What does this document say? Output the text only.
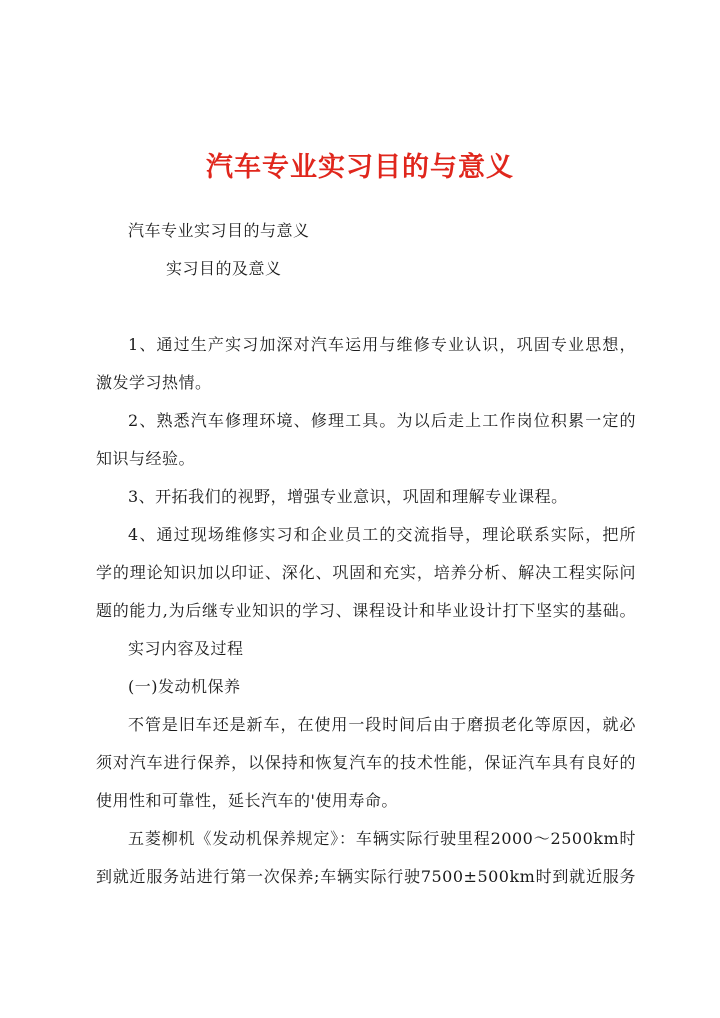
汽车专业实习目的与意义
汽车专业实习目的与意义
实习目的及意义
1、通过生产实习加深对汽车运用与维修专业认识，巩固专业思想，
激发学习热情。
2、熟悉汽车修理环境、修理工具。为以后走上工作岗位积累一定的
知识与经验。
3、开拓我们的视野，增强专业意识，巩固和理解专业课程。
4、通过现场维修实习和企业员工的交流指导，理论联系实际，把所
学的理论知识加以印证、深化、巩固和充实，培养分析、解决工程实际问
题的能力,为后继专业知识的学习、课程设计和毕业设计打下坚实的基础。
实习内容及过程
(一)发动机保养
不管是旧车还是新车，在使用一段时间后由于磨损老化等原因，就必
须对汽车进行保养，以保持和恢复汽车的技术性能，保证汽车具有良好的
使用性和可靠性，延长汽车的'使用寿命。
五菱柳机《发动机保养规定》：车辆实际行驶里程2000～2500km时
到就近服务站进行第一次保养;车辆实际行驶7500±500km时到就近服务
